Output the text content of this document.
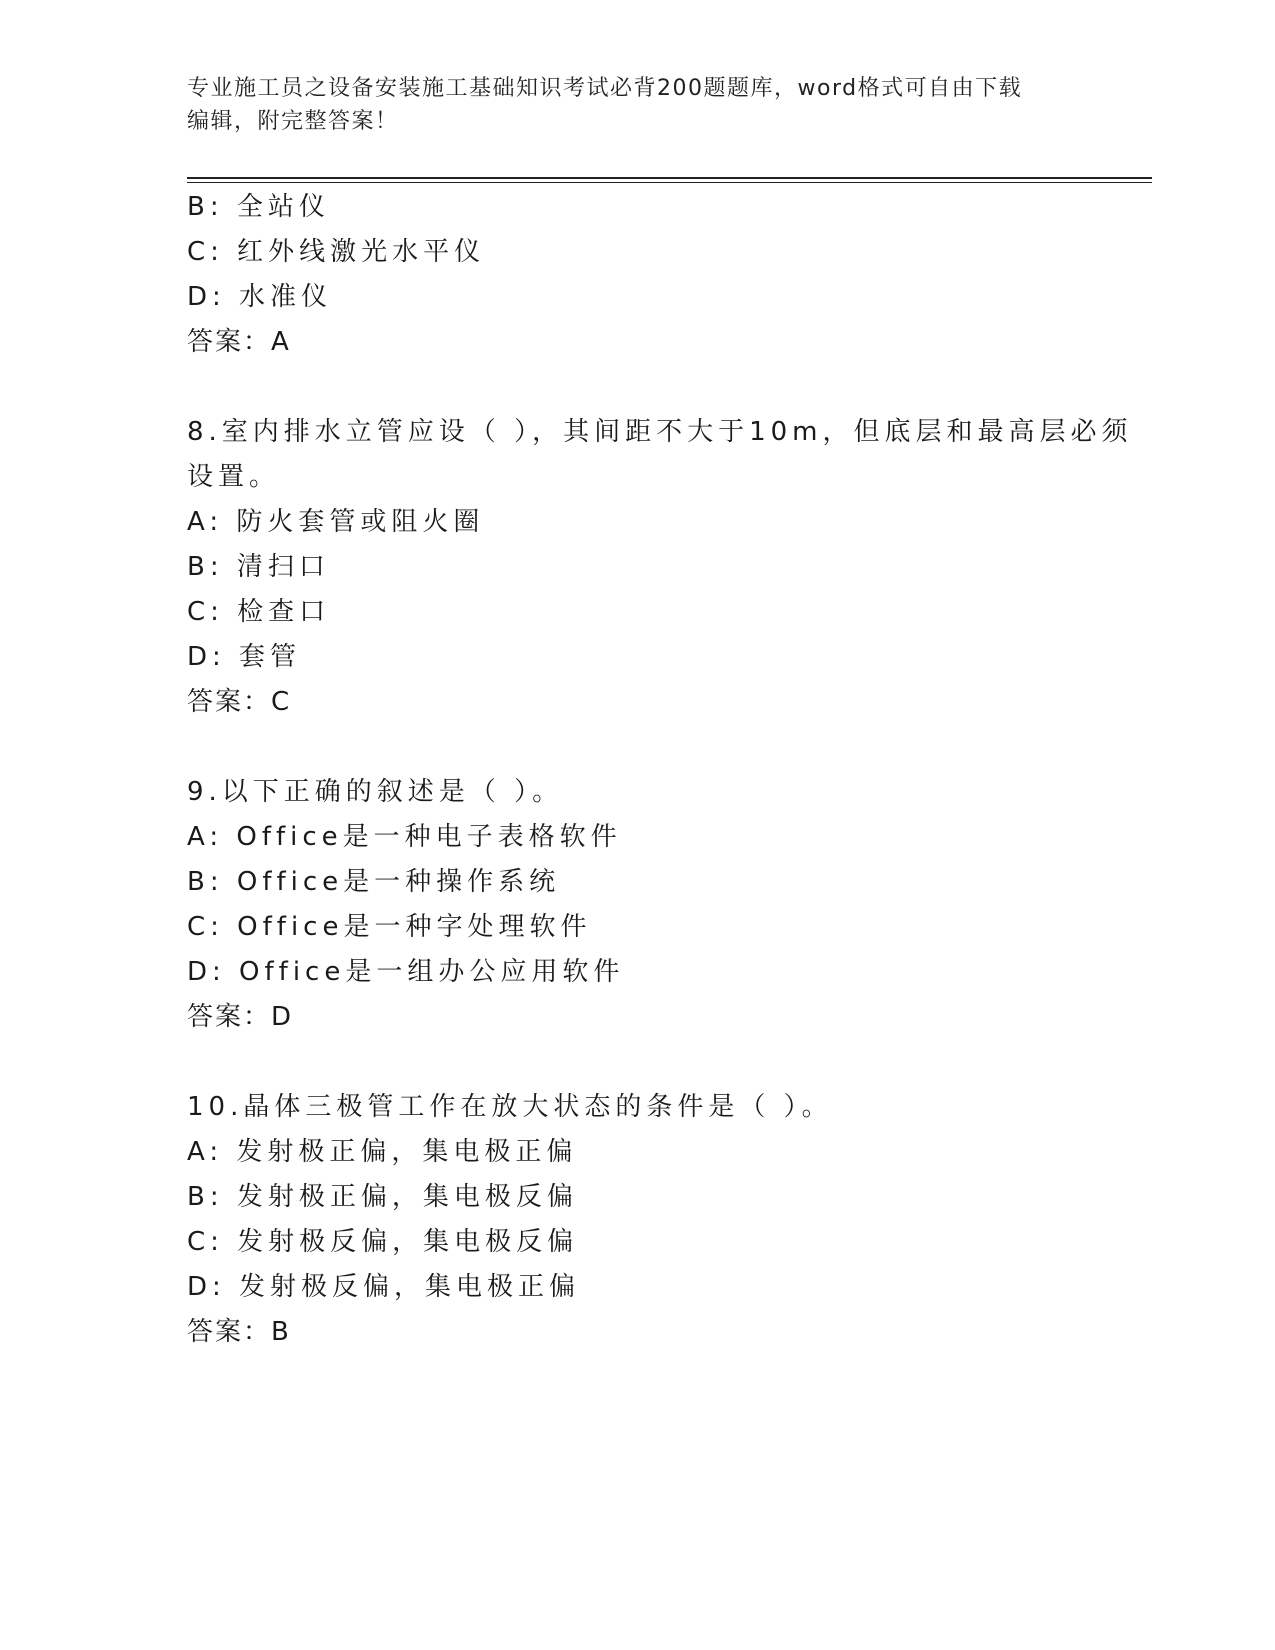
专业施工员之设备安装施工基础知识考试必背200题题库，word格式可自由下载
编辑，附完整答案！
B: 全站仪
C: 红外线激光水平仪
D: 水准仪
答案：A
8.室内排水立管应设（ ），其间距不大于10m，但底层和最高层必须
设置。
A: 防火套管或阻火圈
B: 清扫口
C: 检查口
D: 套管
答案：C
9.以下正确的叙述是（ ）。
A: Office是一种电子表格软件
B: Office是一种操作系统
C: Office是一种字处理软件
D: Office是一组办公应用软件
答案：D
10.晶体三极管工作在放大状态的条件是（ ）。
A: 发射极正偏，集电极正偏
B: 发射极正偏，集电极反偏
C: 发射极反偏，集电极反偏
D: 发射极反偏，集电极正偏
答案：B
